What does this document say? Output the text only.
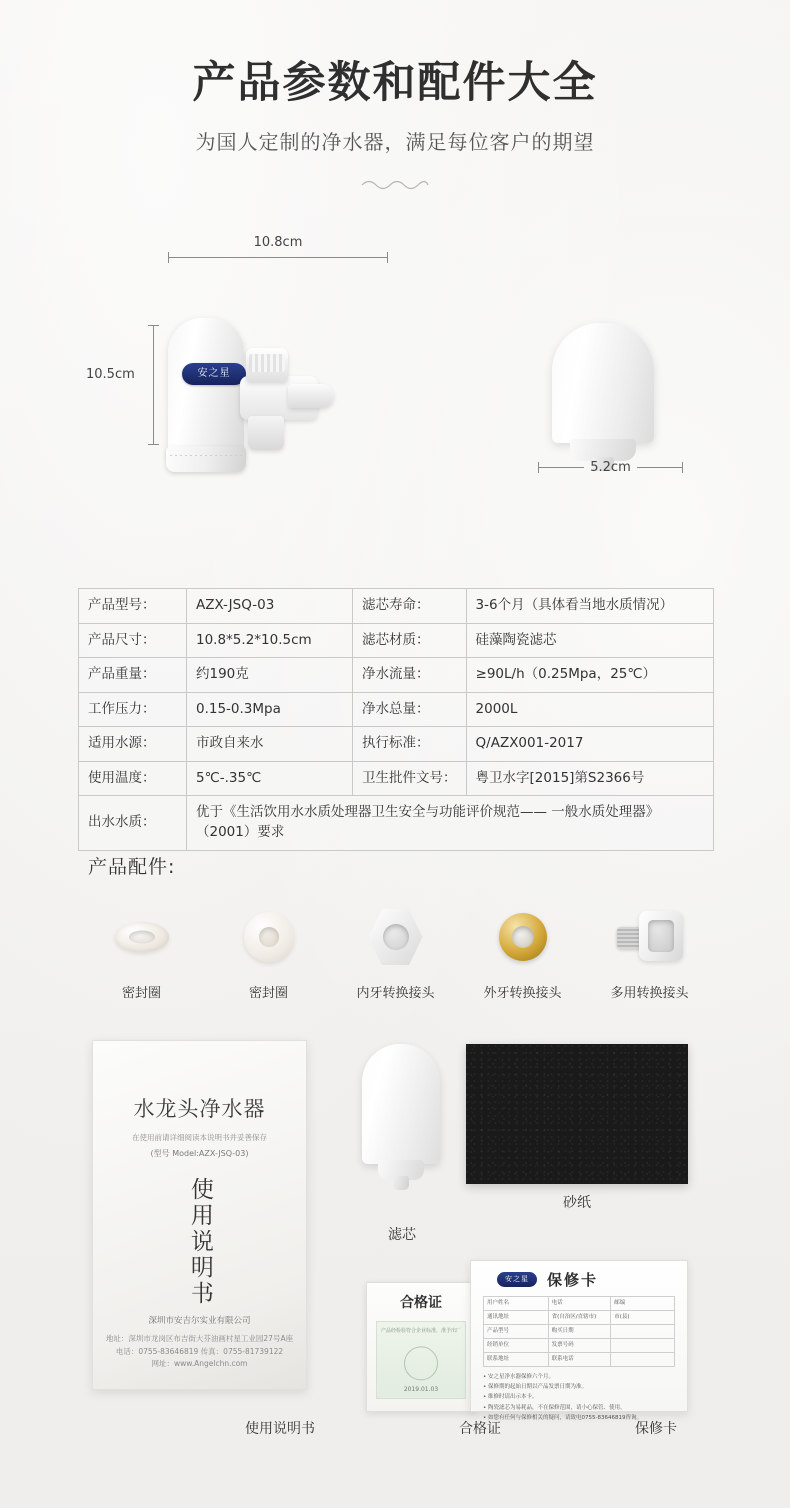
产品参数和配件大全
为国人定制的净水器，满足每位客户的期望
10.8cm
10.5cm	安之星
5.2cm
产品型号：	AZX-JSQ-03	滤芯寿命：	3-6个月（具体看当地水质情况）
产品尺寸：	10.8*5.2*10.5cm	滤芯材质：	硅藻陶瓷滤芯
产品重量：	约190克	净水流量：	≥90L/h（0.25Mpa，25℃）
工作压力：	0.15-0.3Mpa	净水总量：	2000L
适用水源：	市政自来水	执行标准：	Q/AZX001-2017
使用温度：	5℃-.35℃	卫生批件文号：	粤卫水字[2015]第S2366号
出水水质：	优于《生活饮用水水质处理器卫生安全与功能评价规范—— 一般水质处理器》（2001）要求		
产品配件:
密封圈	密封圈	内牙转换接头	外牙转换接头	多用转换接头
水龙头净水器
在使用前请详细阅读本说明书并妥善保存
(型号 Model:AZX-JSQ-03)
使用说明书
深圳市安吉尔实业有限公司
地址：深圳市龙岗区布吉街大芬油画村星工业园27号A座
电话：0755-83646819 传真：0755-81739122
网址：www.Angelchn.com
滤芯
砂纸
合格证
产品经检验符合企业标准，准予出厂
2019.01.03
安之星	保修卡
用户姓名	电话	邮编
通讯地址	省(自治区/直辖市)	市(县)
产品型号	购买日期
经销单位	发票号码
联系地址	联系电话
• 安之星净水器保修六个月。
• 保修期的起始日期以产品发票日期为准。
• 维修时请出示本卡。
• 陶瓷滤芯为易耗品，不在保修范围，请小心保管、使用。
• 如您有任何与保修相关的疑问，请致电0755-83646819咨询。
使用说明书	合格证	保修卡
